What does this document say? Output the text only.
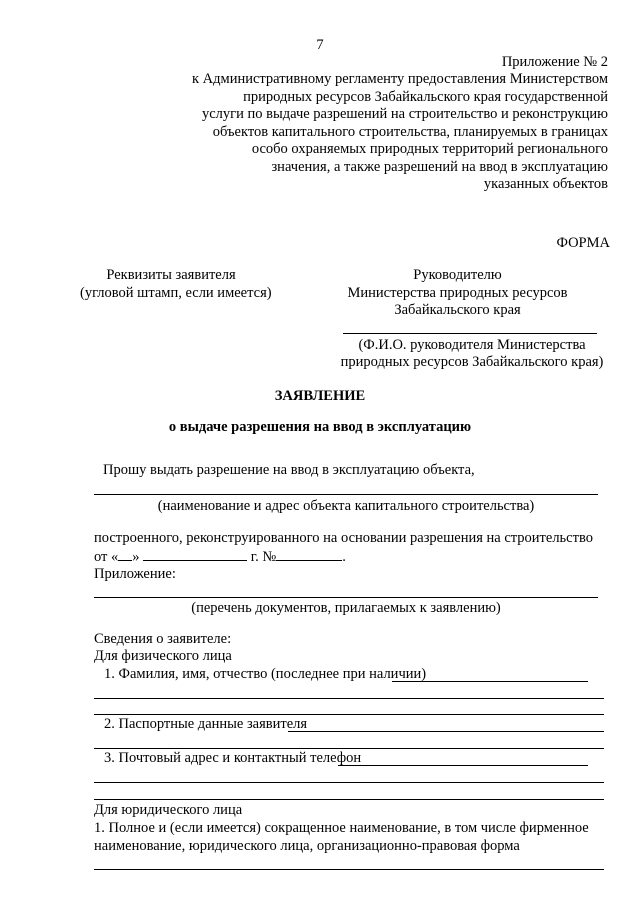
7
Приложение № 2
к Административному регламенту предоставления Министерством
природных ресурсов Забайкальского края государственной
услуги по выдаче разрешений на строительство и реконструкцию
объектов капитального строительства, планируемых в границах
особо охраняемых природных территорий регионального
значения, а также разрешений на ввод в эксплуатацию
указанных объектов
ФОРМА
Реквизиты заявителя
(угловой штамп, если имеется)
Руководителю
Министерства природных ресурсов
Забайкальского края
(Ф.И.О. руководителя Министерства
природных ресурсов Забайкальского края)
ЗАЯВЛЕНИЕ
о выдаче разрешения на ввод в эксплуатацию
Прошу выдать разрешение на ввод в эксплуатацию объекта,
(наименование и адрес объекта капитального строительства)
построенного, реконструированного на основании разрешения на строительство
от « »	г. №	.
Приложение:
(перечень документов, прилагаемых к заявлению)
Сведения о заявителе:
Для физического лица
1. Фамилия, имя, отчество (последнее при наличии)
2. Паспортные данные заявителя
3. Почтовый адрес и контактный телефон
Для юридического лица
1. Полное и (если имеется) сокращенное наименование, в том числе фирменное
наименование, юридического лица, организационно-правовая форма
